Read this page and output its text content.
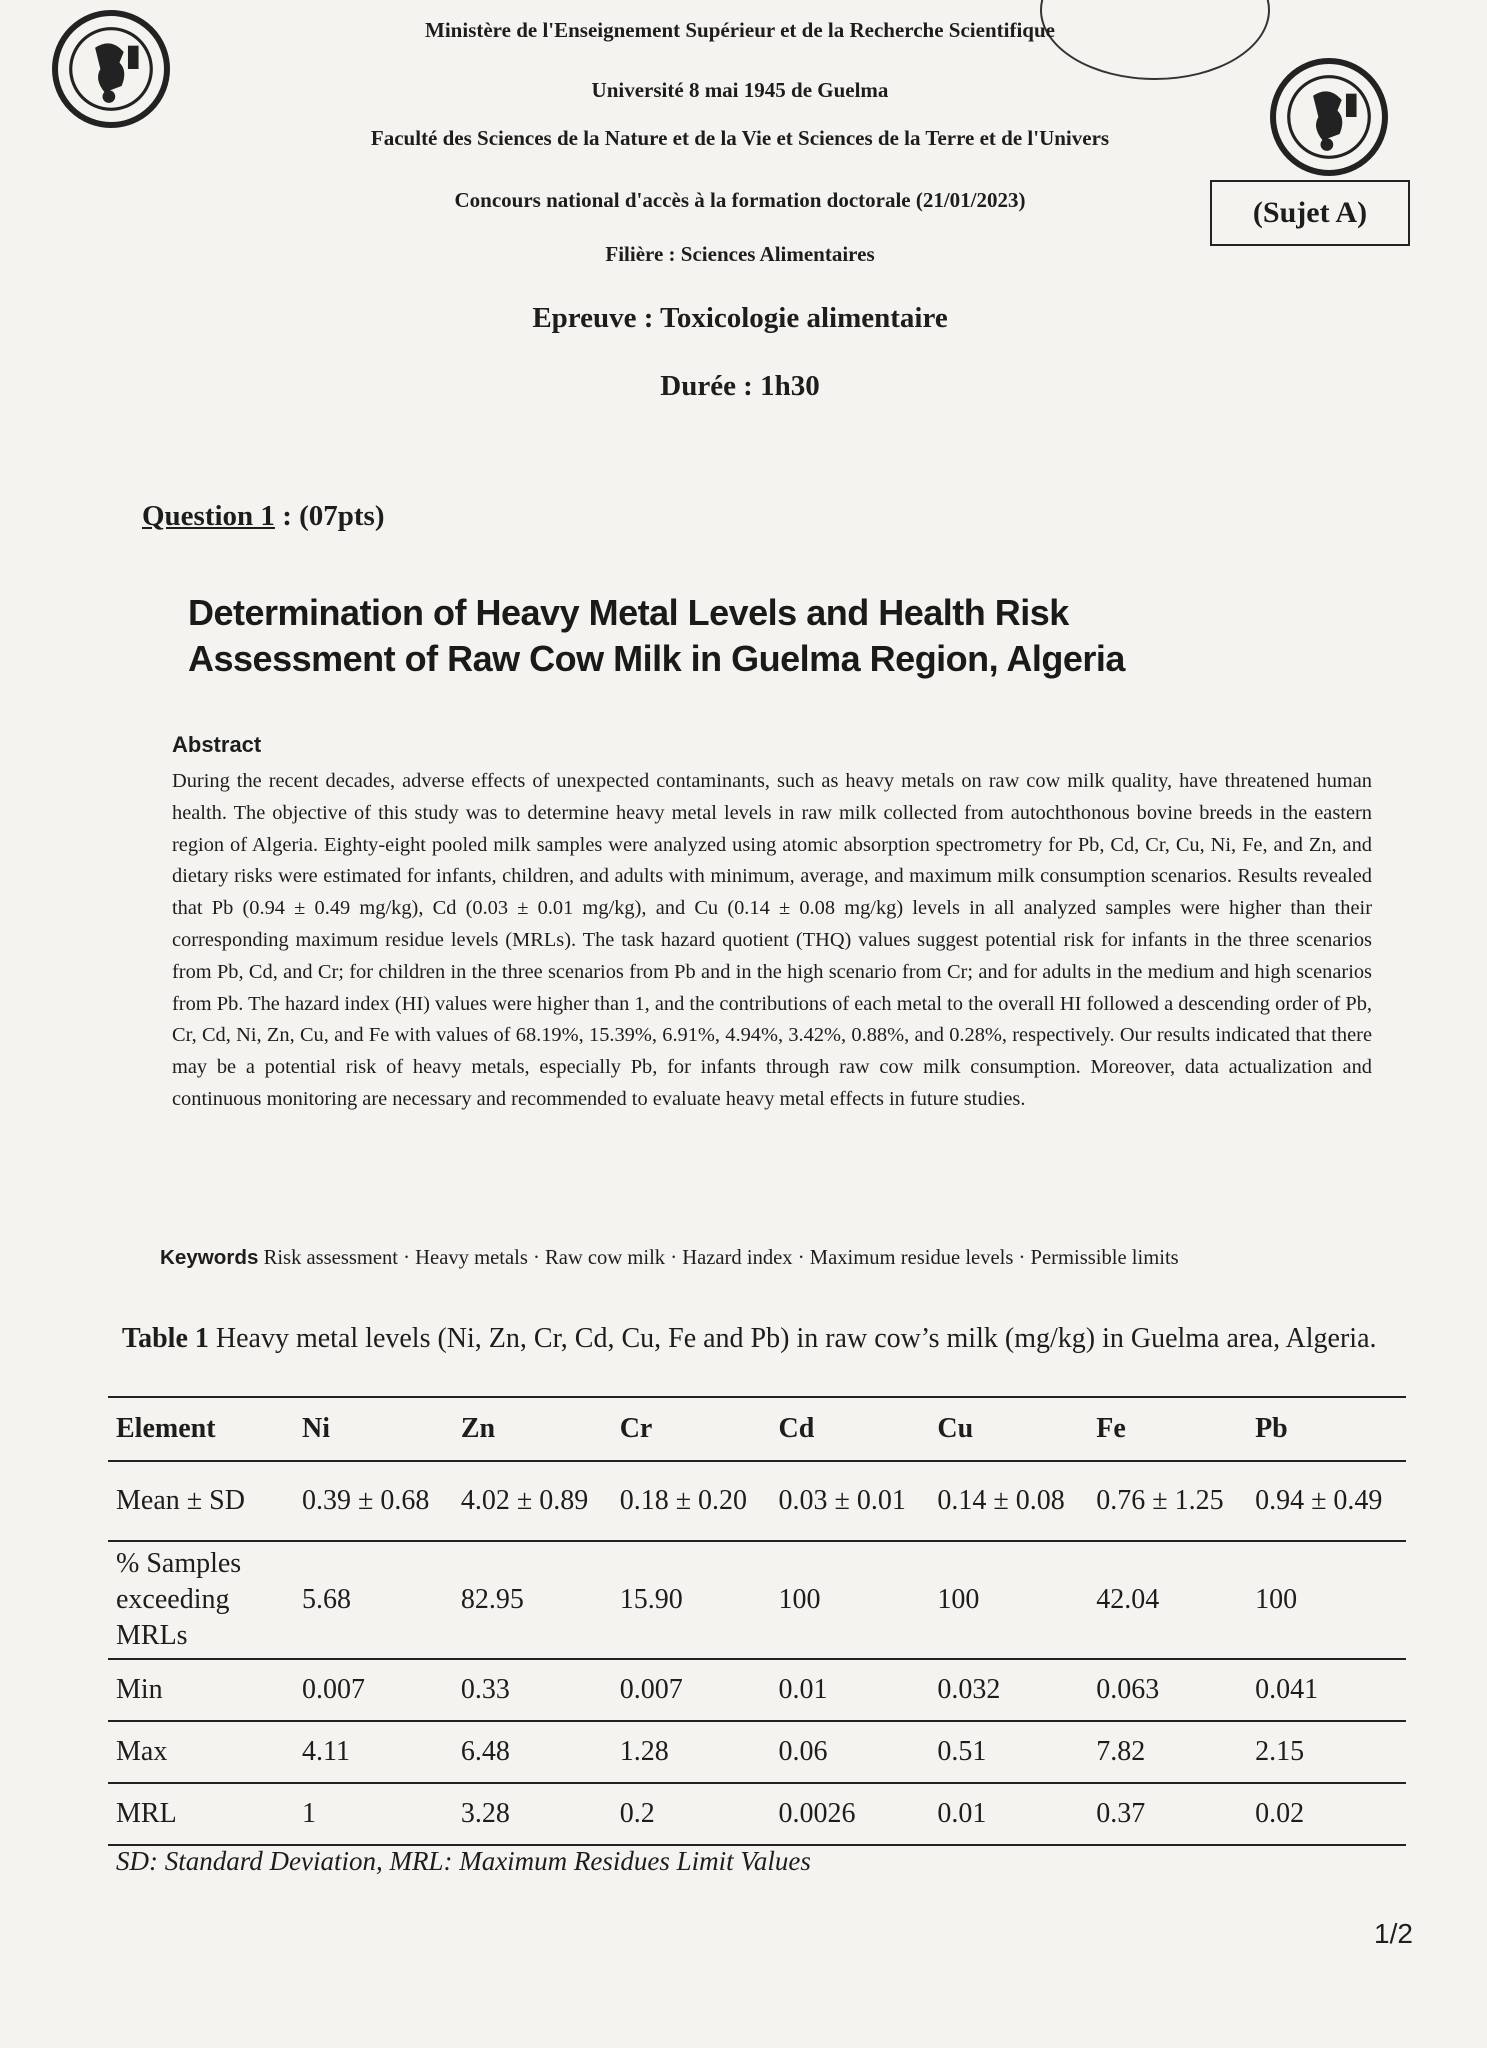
Ministère de l'Enseignement Supérieur et de la Recherche Scientifique
Université 8 mai 1945 de Guelma
Faculté des Sciences de la Nature et de la Vie et Sciences de la Terre et de l'Univers
Concours national d'accès à la formation doctorale (21/01/2023)
Filière : Sciences Alimentaires
Epreuve : Toxicologie alimentaire
Durée : 1h30
(Sujet A)
Question 1 : (07pts)
Determination of Heavy Metal Levels and Health Risk Assessment of Raw Cow Milk in Guelma Region, Algeria
Abstract
During the recent decades, adverse effects of unexpected contaminants, such as heavy metals on raw cow milk quality, have threatened human health. The objective of this study was to determine heavy metal levels in raw milk collected from autochthonous bovine breeds in the eastern region of Algeria. Eighty-eight pooled milk samples were analyzed using atomic absorption spectrometry for Pb, Cd, Cr, Cu, Ni, Fe, and Zn, and dietary risks were estimated for infants, children, and adults with minimum, average, and maximum milk consumption scenarios. Results revealed that Pb (0.94 ± 0.49 mg/kg), Cd (0.03 ± 0.01 mg/kg), and Cu (0.14 ± 0.08 mg/kg) levels in all analyzed samples were higher than their corresponding maximum residue levels (MRLs). The task hazard quotient (THQ) values suggest potential risk for infants in the three scenarios from Pb, Cd, and Cr; for children in the three scenarios from Pb and in the high scenario from Cr; and for adults in the medium and high scenarios from Pb. The hazard index (HI) values were higher than 1, and the contributions of each metal to the overall HI followed a descending order of Pb, Cr, Cd, Ni, Zn, Cu, and Fe with values of 68.19%, 15.39%, 6.91%, 4.94%, 3.42%, 0.88%, and 0.28%, respectively. Our results indicated that there may be a potential risk of heavy metals, especially Pb, for infants through raw cow milk consumption. Moreover, data actualization and continuous monitoring are necessary and recommended to evaluate heavy metal effects in future studies.
Keywords Risk assessment · Heavy metals · Raw cow milk · Hazard index · Maximum residue levels · Permissible limits
Table 1 Heavy metal levels (Ni, Zn, Cr, Cd, Cu, Fe and Pb) in raw cow’s milk (mg/kg) in Guelma area, Algeria.
Element	Ni	Zn	Cr	Cd	Cu	Fe	Pb
Mean ± SD	0.39 ± 0.68	4.02 ± 0.89	0.18 ± 0.20	0.03 ± 0.01	0.14 ± 0.08	0.76 ± 1.25	0.94 ± 0.49
% Samples exceeding MRLs	5.68	82.95	15.90	100	100	42.04	100
Min	0.007	0.33	0.007	0.01	0.032	0.063	0.041
Max	4.11	6.48	1.28	0.06	0.51	7.82	2.15
MRL	1	3.28	0.2	0.0026	0.01	0.37	0.02
SD: Standard Deviation, MRL: Maximum Residues Limit Values
1/2
